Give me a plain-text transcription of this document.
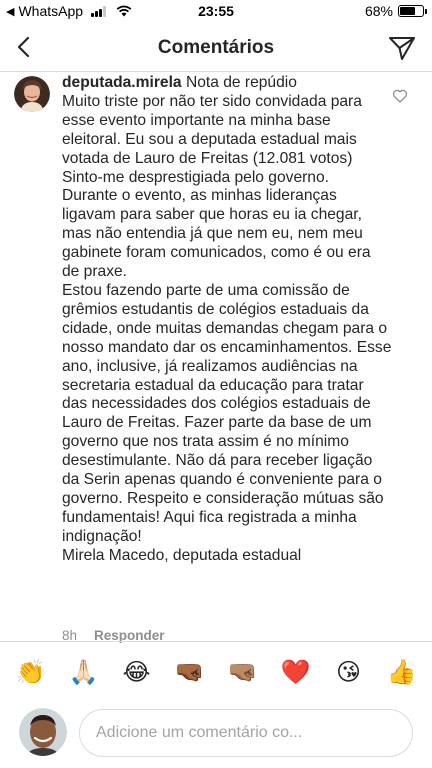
◀ WhatsApp	23:55	68%
Comentários

deputada.mirela Nota de repúdio

Muito triste por não ter sido convidada para esse evento importante na minha base eleitoral. Eu sou a deputada estadual mais votada de Lauro de Freitas (12.081 votos) Sinto-me desprestigiada pelo governo.

Durante o evento, as minhas lideranças ligavam para saber que horas eu ia chegar, mas não entendia já que nem eu, nem meu gabinete foram comunicados, como é ou era de praxe.

Estou fazendo parte de uma comissão de grêmios estudantis de colégios estaduais da cidade, onde muitas demandas chegam para o nosso mandato dar os encaminhamentos. Esse ano, inclusive, já realizamos audiências na secretaria estadual da educação para tratar das necessidades dos colégios estaduais de Lauro de Freitas. Fazer parte da base de um governo que nos trata assim é no mínimo desestimulante. Não dá para receber ligação da Serin apenas quando é conveniente para o governo. Respeito e consideração mútuas são fundamentais! Aqui fica registrada a minha indignação!

Mirela Macedo, deputada estadual

8h Responder
👏 🙏🏻 😂 🤜🏾 🤜🏽 ❤️ 😘 👍
Adicione um comentário co...
